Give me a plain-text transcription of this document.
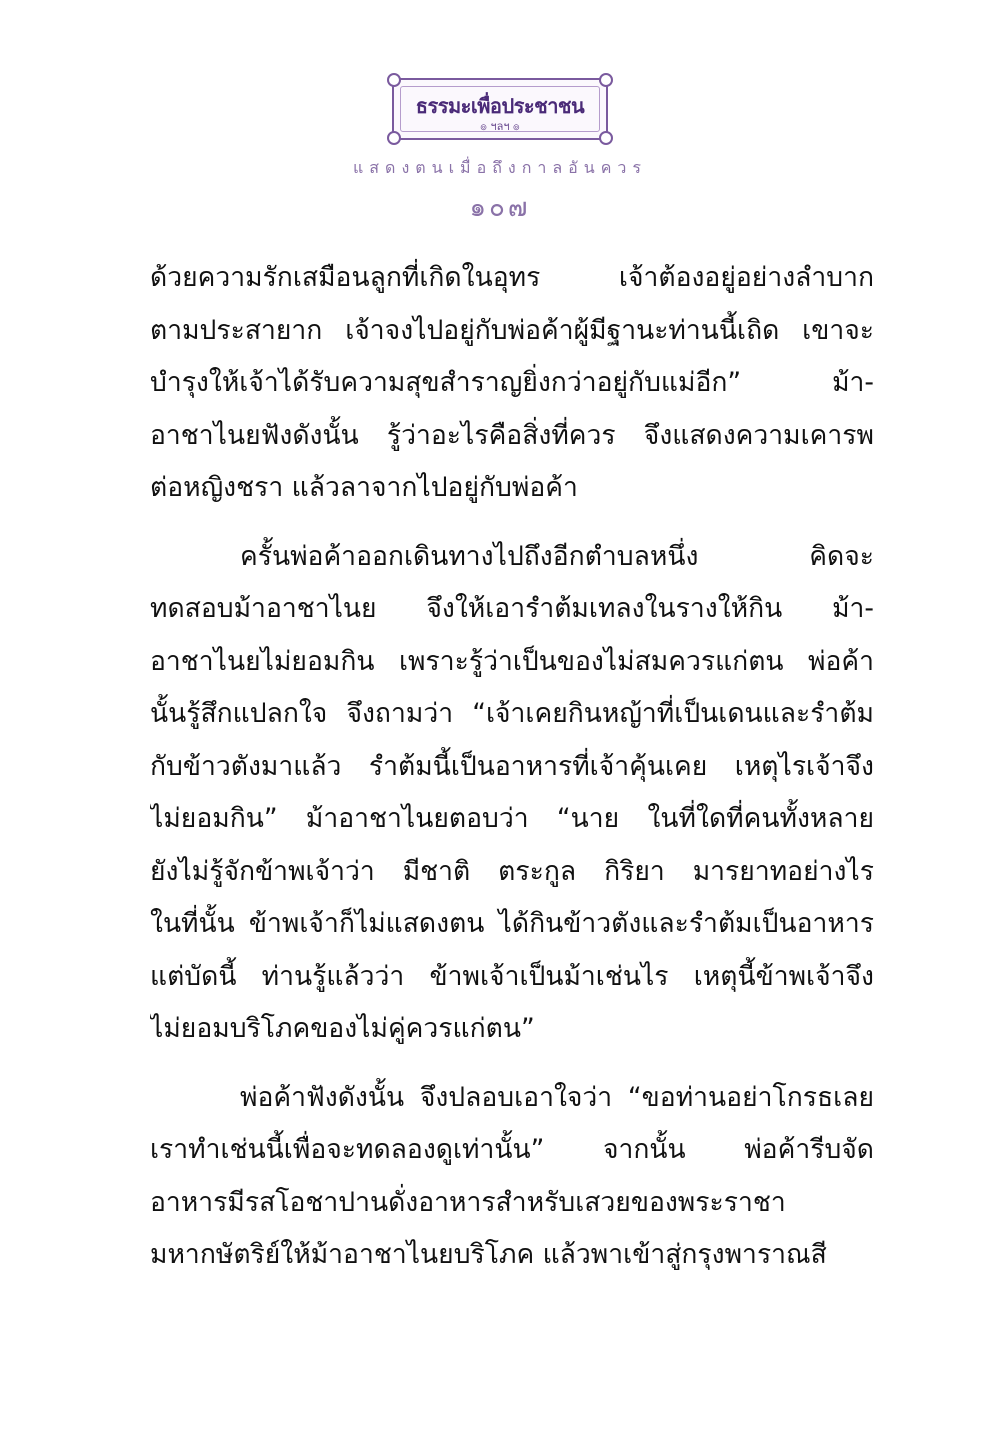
ธรรมะเพื่อประชาชน
๏ ฯลฯ ๏
แสดงตนเมื่อถึงกาลอันควร
๑๐๗

ด้วยความรักเสมือนลูกที่เกิดในอุทร เจ้าต้องอยู่อย่างลำบาก
ตามประสายาก เจ้าจงไปอยู่กับพ่อค้าผู้มีฐานะท่านนี้เถิด เขาจะ
บำรุงให้เจ้าได้รับความสุขสำราญยิ่งกว่าอยู่กับแม่อีก” ม้า-
อาชาไนยฟังดังนั้น รู้ว่าอะไรคือสิ่งที่ควร จึงแสดงความเคารพ
ต่อหญิงชรา แล้วลาจากไปอยู่กับพ่อค้า

ครั้นพ่อค้าออกเดินทางไปถึงอีกตำบลหนึ่ง คิดจะ
ทดสอบม้าอาชาไนย จึงให้เอารำต้มเทลงในรางให้กิน ม้า-
อาชาไนยไม่ยอมกิน เพราะรู้ว่าเป็นของไม่สมควรแก่ตน พ่อค้า
นั้นรู้สึกแปลกใจ จึงถามว่า “เจ้าเคยกินหญ้าที่เป็นเดนและรำต้ม
กับข้าวตังมาแล้ว รำต้มนี้เป็นอาหารที่เจ้าคุ้นเคย เหตุไรเจ้าจึง
ไม่ยอมกิน” ม้าอาชาไนยตอบว่า “นาย ในที่ใดที่คนทั้งหลาย
ยังไม่รู้จักข้าพเจ้าว่า มีชาติ ตระกูล กิริยา มารยาทอย่างไร
ในที่นั้น ข้าพเจ้าก็ไม่แสดงตน ได้กินข้าวตังและรำต้มเป็นอาหาร
แต่บัดนี้ ท่านรู้แล้วว่า ข้าพเจ้าเป็นม้าเช่นไร เหตุนี้ข้าพเจ้าจึง
ไม่ยอมบริโภคของไม่คู่ควรแก่ตน”

พ่อค้าฟังดังนั้น จึงปลอบเอาใจว่า “ขอท่านอย่าโกรธเลย
เราทำเช่นนี้เพื่อจะทดลองดูเท่านั้น” จากนั้น พ่อค้ารีบจัด
อาหารมีรสโอชาปานดั่งอาหารสำหรับเสวยของพระราชา
มหากษัตริย์ให้ม้าอาชาไนยบริโภค แล้วพาเข้าสู่กรุงพาราณสี
